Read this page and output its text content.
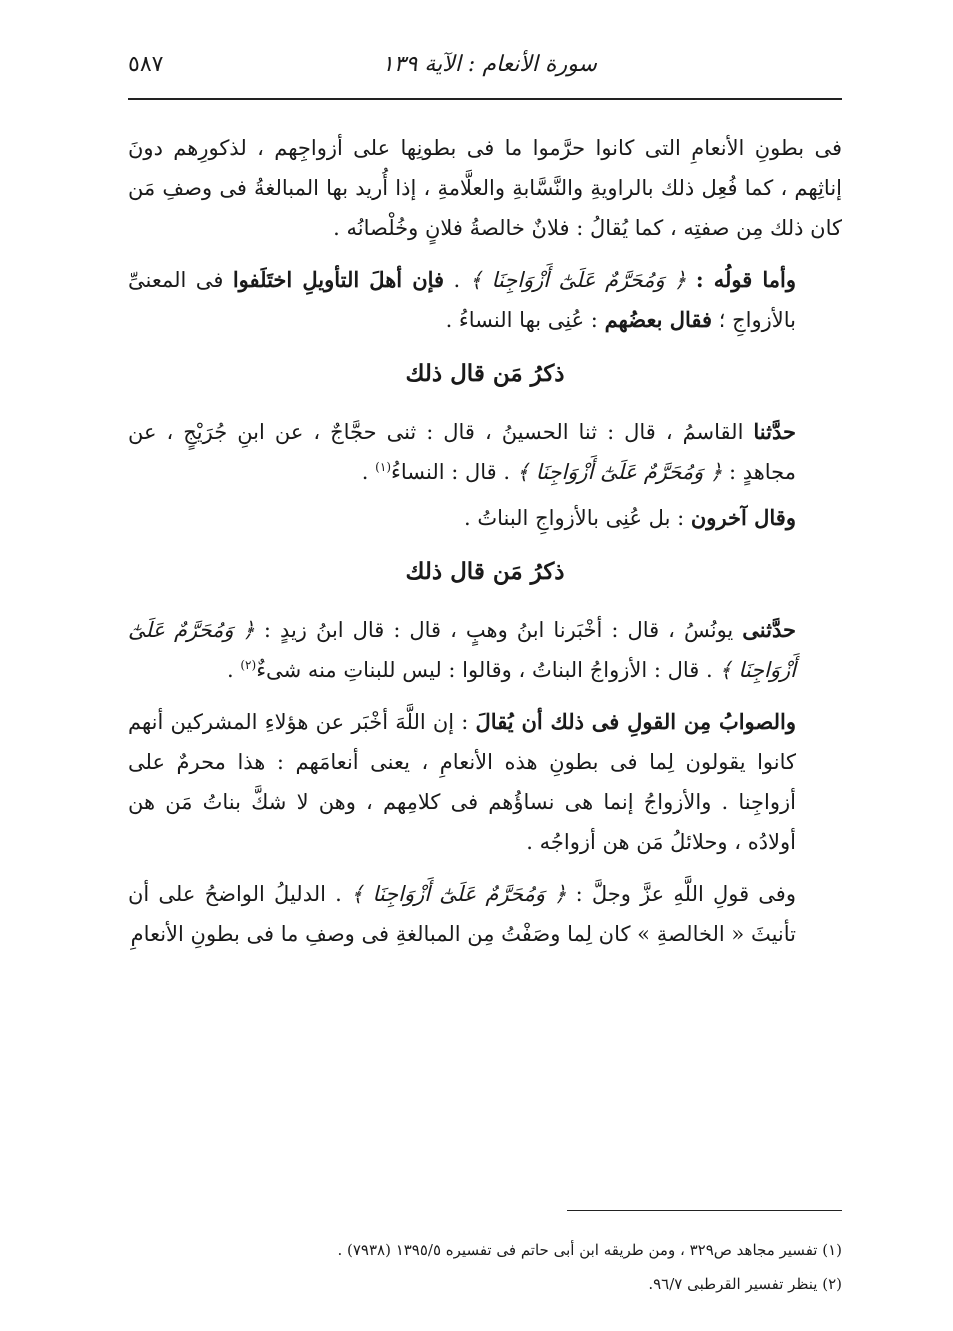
سورة الأنعام : الآية ١٣٩
٥٨٧

فى بطونِ الأنعامِ التى كانوا حرَّموا ما فى بطونِها على أزواجِهم ، لذكورِهم دونَ إناثِهم ، كما فُعِل ذلك بالراويةِ والنَّسَّابةِ والعلَّامةِ ، إذا أُريد بها المبالغةُ فى وصفِ مَن كان ذلك مِن صفتِه ، كما يُقالُ : فلانٌ خالصةُ فلانٍ وخُلْصانُه .

وأما قولُه : ﴿ وَمُحَرَّمٌ عَلَىٰٓ أَزْوَاجِنَا ﴾ . فإن أهلَ التأويلِ اختَلَفوا فى المعنىِّ بالأزواجِ ؛ فقال بعضُهم : عُنِى بها النساءُ .

ذكرُ مَن قال ذلك

حدَّثنا القاسمُ ، قال : ثنا الحسينُ ، قال : ثنى حجَّاجٌ ، عن ابنِ جُرَيْجٍ ، عن مجاهدٍ : ﴿ وَمُحَرَّمٌ عَلَىٰٓ أَزْوَاجِنَا ﴾ . قال : النساءُ$^{(١)}$ .

وقال آخرون : بل عُنِى بالأزواجِ البناتُ .

ذكرُ مَن قال ذلك

حدَّثنى يونُسُ ، قال : أخْبَرنا ابنُ وهبٍ ، قال : قال ابنُ زيدٍ : ﴿ وَمُحَرَّمٌ عَلَىٰٓ أَزْوَاجِنَا ﴾ . قال : الأزواجُ البناتُ ، وقالوا : ليس للبناتِ منه شىءٌ$^{(٢)}$ .

والصوابُ مِن القولِ فى ذلك أن يُقالَ : إن اللَّهَ أخْبَر عن هؤلاءِ المشركين أنهم كانوا يقولون لِما فى بطونِ هذه الأنعامِ ، يعنى أنعامَهم : هذا محرمٌ على أزواجِنا . والأزواجُ إنما هى نساؤُهم فى كلامِهم ، وهن لا شكَّ بناتُ مَن هن أولادُه ، وحلائلُ مَن هن أزواجُه .

وفى قولِ اللَّهِ عزَّ وجلَّ : ﴿ وَمُحَرَّمٌ عَلَىٰٓ أَزْوَاجِنَا ﴾ . الدليلُ الواضحُ على أن تأنيثَ « الخالصةِ » كان لِما وصَفْتُ مِن المبالغةِ فى وصفِ ما فى بطونِ الأنعامِ

(١) تفسير مجاهد ص٣٢٩ ، ومن طريقه ابن أبى حاتم فى تفسيره ١٣٩٥/٥ (٧٩٣٨) .

(٢) ينظر تفسير القرطبى ٩٦/٧.
